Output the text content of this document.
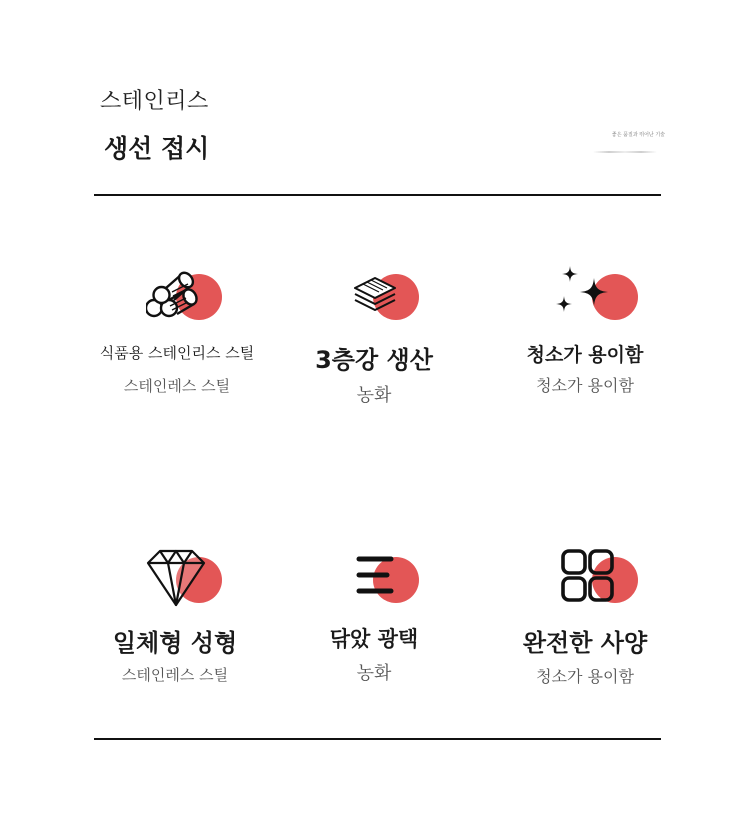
스테인리스
생선 접시	좋은 품질과 뛰어난 기술
식품용 스테인리스 스틸
스테인레스 스틸
3층강 생산
농화
청소가 용이함
청소가 용이함
일체형 성형
스테인레스 스틸
닦았 광택
농화
완전한 사양
청소가 용이함
